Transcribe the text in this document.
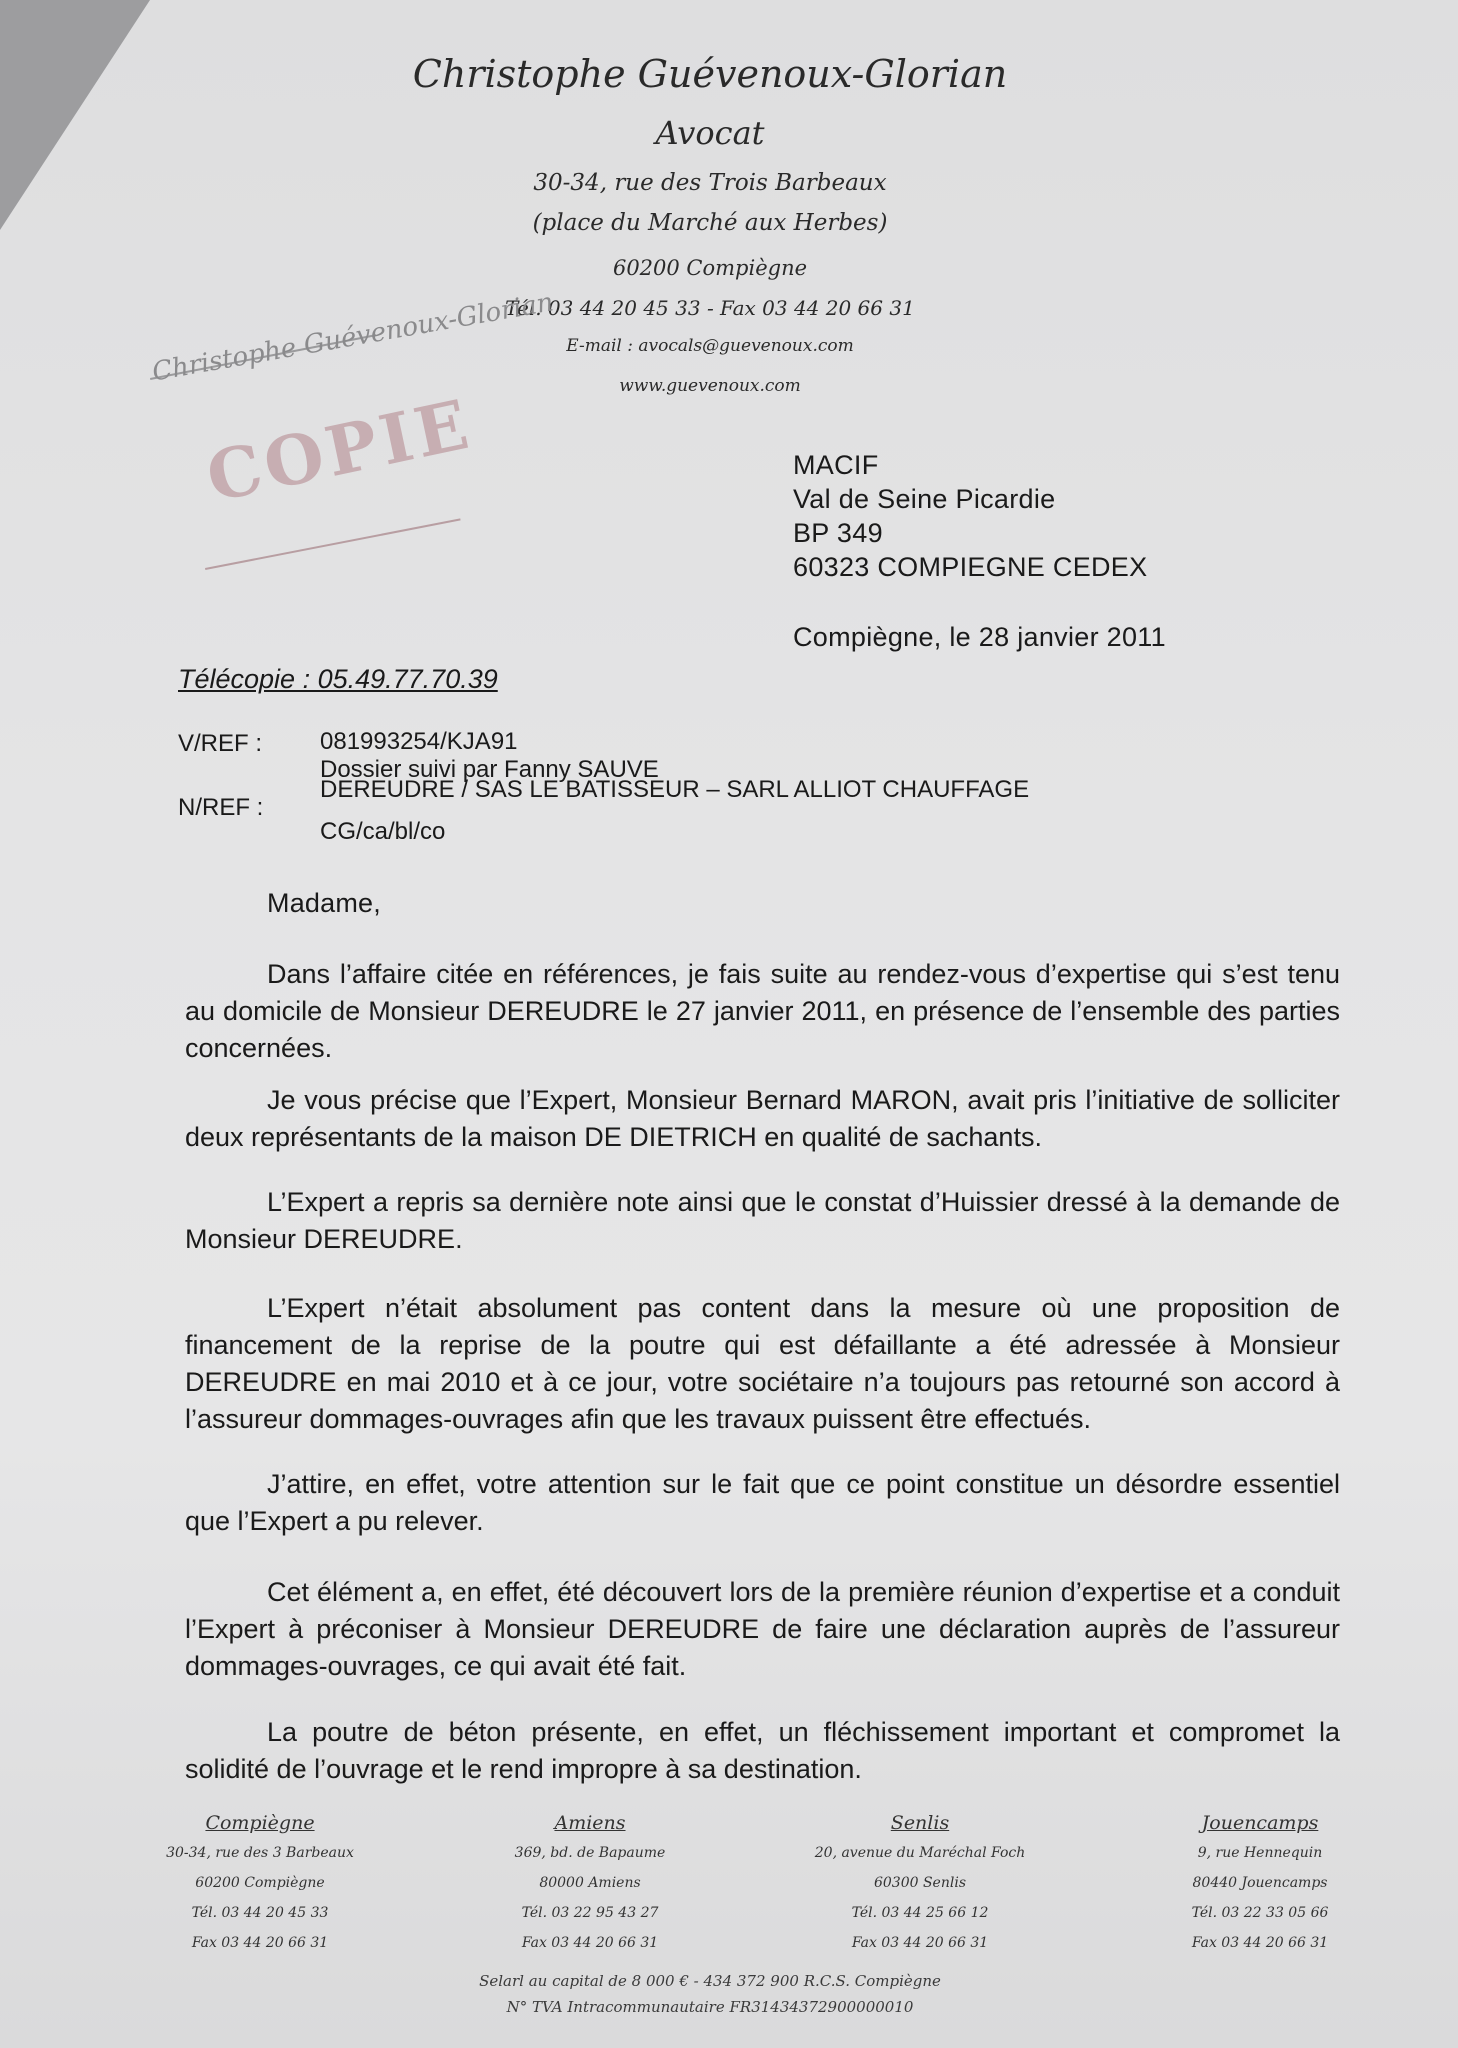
Christophe Guévenoux-Glorian
Avocat
30-34, rue des Trois Barbeaux
(place du Marché aux Herbes)
60200 Compiègne
Tél. 03 44 20 45 33 - Fax 03 44 20 66 31
E-mail : avocals@guevenoux.com
www.guevenoux.com
Christophe Guévenoux-Glorian
COPIE	MACIF
Val de Seine Picardie
BP 349
60323 COMPIEGNE CEDEX
Compiègne, le 28 janvier 2011
Télécopie : 05.49.77.70.39
V/REF : 081993254/KJA91
Dossier suivi par Fanny SAUVE
N/REF :
DEREUDRE / SAS LE BATISSEUR – SARL ALLIOT CHAUFFAGE
CG/ca/bl/co
Madame,

Dans l’affaire citée en références, je fais suite au rendez-vous d’expertise qui s’est tenu au domicile de Monsieur DEREUDRE le 27 janvier 2011, en présence de l’ensemble des parties concernées.

Je vous précise que l’Expert, Monsieur Bernard MARON, avait pris l’initiative de solliciter deux représentants de la maison DE DIETRICH en qualité de sachants.

L’Expert a repris sa dernière note ainsi que le constat d’Huissier dressé à la demande de Monsieur DEREUDRE.

L’Expert n’était absolument pas content dans la mesure où une proposition de financement de la reprise de la poutre qui est défaillante a été adressée à Monsieur DEREUDRE en mai 2010 et à ce jour, votre sociétaire n’a toujours pas retourné son accord à l’assureur dommages-ouvrages afin que les travaux puissent être effectués.

J’attire, en effet, votre attention sur le fait que ce point constitue un désordre essentiel que l’Expert a pu relever.

Cet élément a, en effet, été découvert lors de la première réunion d’expertise et a conduit l’Expert à préconiser à Monsieur DEREUDRE de faire une déclaration auprès de l’assureur dommages-ouvrages, ce qui avait été fait.

La poutre de béton présente, en effet, un fléchissement important et compromet la solidité de l’ouvrage et le rend impropre à sa destination.

Compiègne
30-34, rue des 3 Barbeaux
60200 Compiègne
Tél. 03 44 20 45 33
Fax 03 44 20 66 31
Amiens
369, bd. de Bapaume
80000 Amiens
Tél. 03 22 95 43 27
Fax 03 44 20 66 31
Senlis
20, avenue du Maréchal Foch
60300 Senlis
Tél. 03 44 25 66 12
Fax 03 44 20 66 31
Jouencamps
9, rue Hennequin
80440 Jouencamps
Tél. 03 22 33 05 66
Fax 03 44 20 66 31
Selarl au capital de 8 000 € - 434 372 900 R.C.S. Compiègne
N° TVA Intracommunautaire FR31434372900000010
